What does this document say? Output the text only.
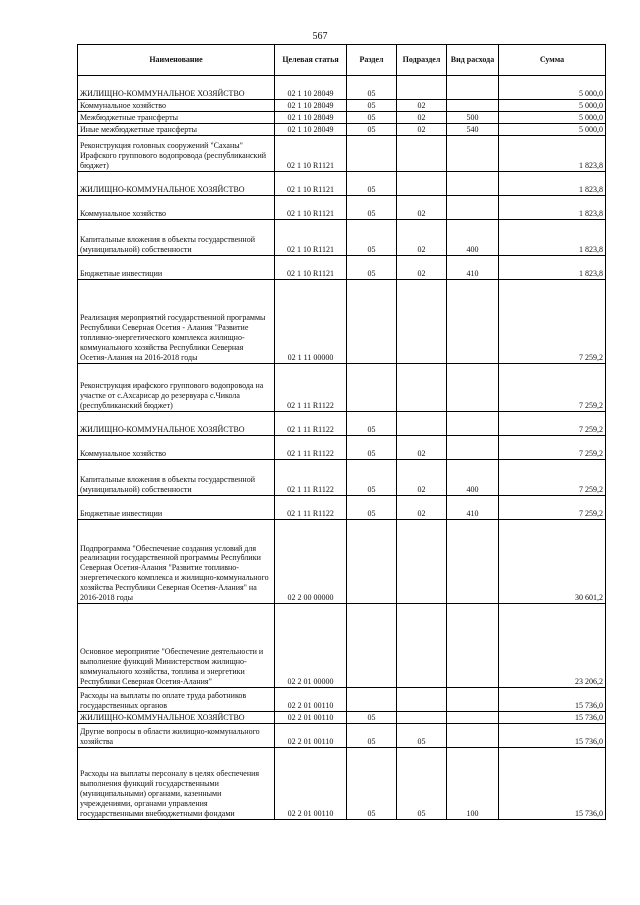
567
Наименование	Целевая статья	Раздел	Подраздел	Вид расхода	Сумма
ЖИЛИЩНО-КОММУНАЛЬНОЕ ХОЗЯЙСТВО	02 1 10 28049	05			5 000,0
Коммунальное хозяйство	02 1 10 28049	05	02		5 000,0
Межбюджетные трансферты	02 1 10 28049	05	02	500	5 000,0
Иные межбюджетные трансферты	02 1 10 28049	05	02	540	5 000,0
Реконструкция головных сооружений "Саханы" Ирафского группового водопровода (республиканский бюджет)	02 1 10 R1121				1 823,8
ЖИЛИЩНО-КОММУНАЛЬНОЕ ХОЗЯЙСТВО	02 1 10 R1121	05			1 823,8
Коммунальное хозяйство	02 1 10 R1121	05	02		1 823,8
Капитальные вложения в объекты государственной (муниципальной) собственности	02 1 10 R1121	05	02	400	1 823,8
Бюджетные инвестиции	02 1 10 R1121	05	02	410	1 823,8
Реализация мероприятий государственной программы Республики Северная Осетия - Алания "Развитие топливно-энергетического комплекса жилищно-коммунального хозяйства Республики Северная Осетия-Алания на 2016-2018 годы	02 1 11 00000				7 259,2
Реконструкция ирафского группового водопровода на участке от с.Ахсарисар до резервуара с.Чикола (республиканский бюджет)	02 1 11 R1122				7 259,2
ЖИЛИЩНО-КОММУНАЛЬНОЕ ХОЗЯЙСТВО	02 1 11 R1122	05			7 259,2
Коммунальное хозяйство	02 1 11 R1122	05	02		7 259,2
Капитальные вложения в объекты государственной (муниципальной) собственности	02 1 11 R1122	05	02	400	7 259,2
Бюджетные инвестиции	02 1 11 R1122	05	02	410	7 259,2
Подпрограмма "Обеспечение создания условий для реализации государственной программы Республики Северная Осетия-Алания "Развитие топливно-энергетического комплекса и жилищно-коммунального хозяйства Республики Северная Осетия-Алания" на 2016-2018 годы	02 2 00 00000				30 601,2
Основное мероприятие "Обеспечение деятельности и выполнение функций Министерством жилищно-коммунального хозяйства, топлива и энергетики Республики Северная Осетия-Алания"	02 2 01 00000				23 206,2
Расходы на выплаты по оплате труда работников государственных органов	02 2 01 00110				15 736,0
ЖИЛИЩНО-КОММУНАЛЬНОЕ ХОЗЯЙСТВО	02 2 01 00110	05			15 736,0
Другие вопросы в области жилищно-коммунального хозяйства	02 2 01 00110	05	05		15 736,0
Расходы на выплаты персоналу в целях обеспечения выполнения функций государственными (муниципальными) органами, казенными учреждениями, органами управления государственными внебюджетными фондами	02 2 01 00110	05	05	100	15 736,0
